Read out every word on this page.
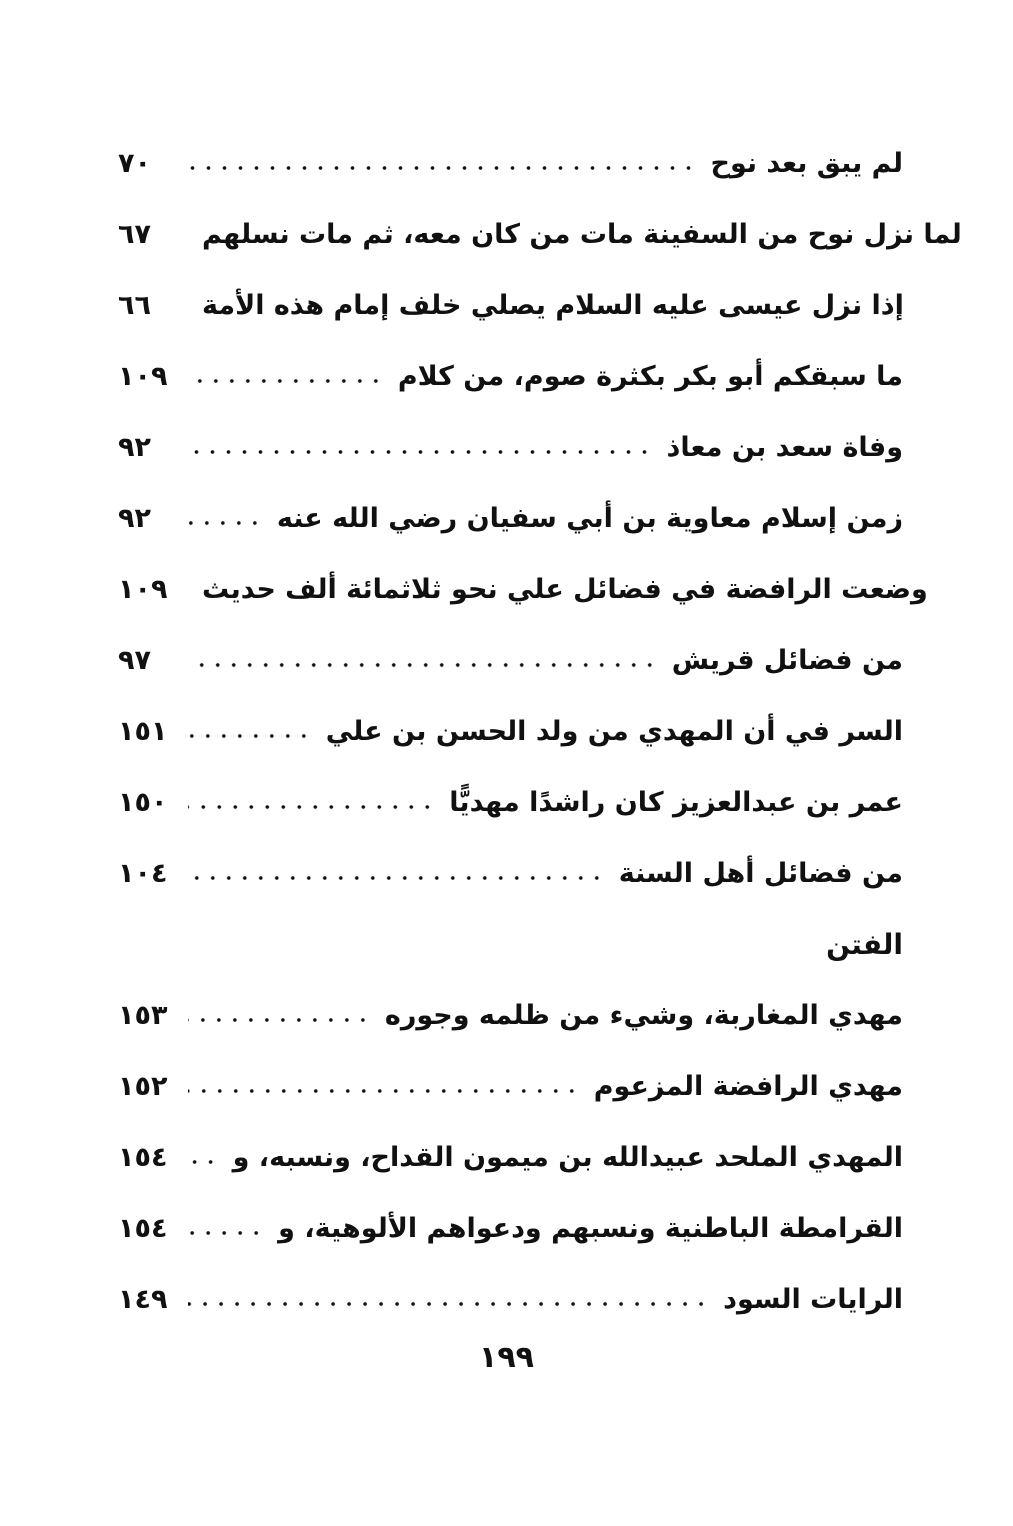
٧٠	لم يبق بعد نوح
٦٧	لما نزل نوح من السفينة مات من كان معه، ثم مات نسلهم
٦٦	إذا نزل عيسى عليه السلام يصلي خلف إمام هذه الأمة
١٠٩	ما سبقكم أبو بكر بكثرة صوم، من كلام
٩٢	وفاة سعد بن معاذ
٩٢	زمن إسلام معاوية بن أبي سفيان رضي الله عنه
١٠٩	وضعت الرافضة في فضائل علي نحو ثلاثمائة ألف حديث
٩٧	من فضائل قريش
١٥١	السر في أن المهدي من ولد الحسن بن علي
١٥٠	عمر بن عبدالعزيز كان راشدًا مهديًّا
١٠٤	من فضائل أهل السنة
الفتن
١٥٣	مهدي المغاربة، وشيء من ظلمه وجوره
١٥٢	مهدي الرافضة المزعوم
١٥٤	المهدي الملحد عبيدالله بن ميمون القداح، ونسبه، و
١٥٤	القرامطة الباطنية ونسبهم ودعواهم الألوهية، و
١٤٩	الرايات السود
١٩٩
